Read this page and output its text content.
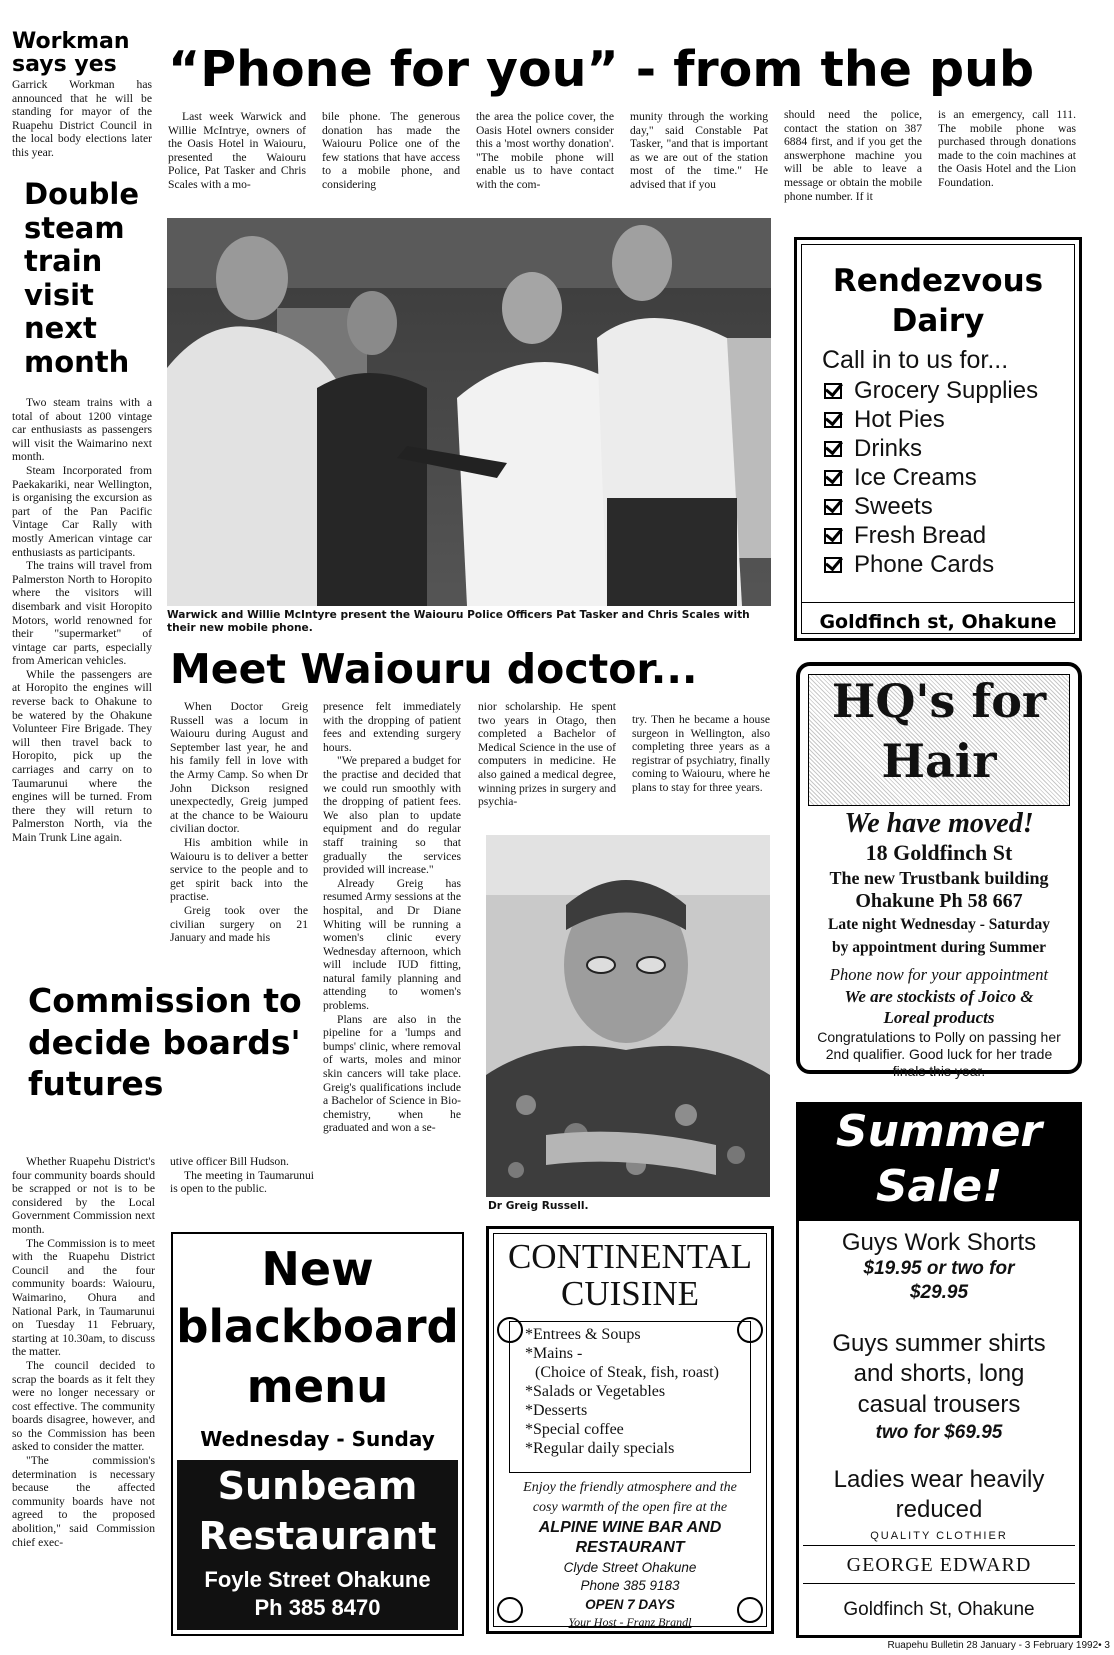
Workman says yes

Garrick Workman has announced that he will be standing for mayor of the Ruapehu District Council in the local body elections later this year.

Double steam train visit next month

Two steam trains with a total of about 1200 vintage car enthusiasts as passengers will visit the Waimarino next month.

Steam Incorporated from Paekakariki, near Wellington, is organising the excursion as part of the Pan Pacific Vintage Car Rally with mostly American vintage car enthusiasts as participants.

The trains will travel from Palmerston North to Horopito where the visitors will disembark and visit Horopito Motors, world renowned for their "supermarket" of vintage car parts, especially from American vehicles.

While the passengers are at Horopito the engines will reverse back to Ohakune to be watered by the Ohakune Volunteer Fire Brigade. They will then travel back to Horopito, pick up the carriages and carry on to Taumarunui where the engines will be turned. From there they will return to Palmerston North, via the Main Trunk Line again.

“Phone for you” - from the pub

Last week Warwick and Willie McIntrye, owners of the Oasis Hotel in Waiouru, presented the Waiouru Police, Pat Tasker and Chris Scales with a mo-

bile phone. The generous donation has made the Waiouru Police one of the few stations that have access to a mobile phone, and considering

the area the police cover, the Oasis Hotel owners consider this a 'most worthy donation'. "The mobile phone will enable us to have contact with the com-

munity through the working day," said Constable Pat Tasker, "and that is important as we are out of the station most of the time." He advised that if you

should need the police, contact the station on 387 6884 first, and if you get the answerphone machine you will be able to leave a message or obtain the mobile phone number. If it

is an emergency, call 111. The mobile phone was purchased through donations made to the coin machines at the Oasis Hotel and the Lion Foundation.

Warwick and Willie McIntyre present the Waiouru Police Officers Pat Tasker and Chris Scales with their new mobile phone.
Meet Waiouru doctor...

When Doctor Greig Russell was a locum in Waiouru during August and September last year, he and his family fell in love with the Army Camp. So when Dr John Dickson resigned unexpectedly, Greig jumped at the chance to be Waiouru civilian doctor.

His ambition while in Waiouru is to deliver a better service to the people and to get spirit back into the practise.

Greig took over the civilian surgery on 21 January and made his

presence felt immediately with the dropping of patient fees and extending surgery hours.

"We prepared a budget for the practise and decided that we could run smoothly with the dropping of patient fees. We also plan to update equipment and do regular staff training so that gradually the services provided will increase."

Already Greig has resumed Army sessions at the hospital, and Dr Diane Whiting will be running a women's clinic every Wednesday afternoon, which will include IUD fitting, natural family planning and attending to women's problems.

Plans are also in the pipeline for a 'lumps and bumps' clinic, where removal of warts, moles and minor skin cancers will take place. Greig's qualifications include a Bachelor of Science in Bio-chemistry, when he graduated and won a se-

nior scholarship. He spent two years in Otago, then completed a Bachelor of Medical Science in the use of computers in medicine. He also gained a medical degree, winning prizes in surgery and psychia-

try. Then he became a house surgeon in Wellington, also completing three years as a registrar of psychiatry, finally coming to Waiouru, where he plans to stay for three years.

Dr Greig Russell.
Commission to decide boards' futures

Whether Ruapehu District's four community boards should be scrapped or not is to be considered by the Local Government Commission next month.

The Commission is to meet with the Ruapehu District Council and the four community boards: Waiouru, Waimarino, Ohura and National Park, in Taumarunui on Tuesday 11 February, starting at 10.30am, to discuss the matter.

The council decided to scrap the boards as it felt they were no longer necessary or cost effective. The community boards disagree, however, and so the Commission has been asked to consider the matter.

"The commission's determination is necessary because the affected community boards have not agreed to the proposed abolition," said Commission chief exec-

utive officer Bill Hudson.

The meeting in Taumarunui is open to the public.

Rendezvous
Dairy
Call in to us for...
Grocery Supplies
Hot Pies
Drinks
Ice Creams
Sweets
Fresh Bread
Phone Cards
Goldfinch st, Ohakune
HQ's for
Hair
We have moved!
18 Goldfinch St
The new Trustbank building
Ohakune Ph 58 667
Late night Wednesday - Saturday
by appointment during Summer
Phone now for your appointment
We are stockists of Joico &
Loreal products
Congratulations to Polly on passing her 2nd qualifier. Good luck for her trade finals this year.
New
blackboard
menu
Wednesday - Sunday
Sunbeam
Restaurant
Foyle Street Ohakune
Ph 385 8470
CONTINENTAL
CUISINE
*Entrees & Soups
*Mains -
(Choice of Steak, fish, roast)
*Salads or Vegetables
*Desserts
*Special coffee
*Regular daily specials
Enjoy the friendly atmosphere and the
cosy warmth of the open fire at the
ALPINE WINE BAR AND
RESTAURANT
Clyde Street Ohakune
Phone 385 9183
OPEN 7 DAYS
Your Host - Franz Brandl
Summer
Sale!
Guys Work Shorts
$19.95 or two for
$29.95
Guys summer shirts
and shorts, long
casual trousers
two for $69.95
Ladies wear heavily
reduced
QUALITY CLOTHIER
GEORGE EDWARD
Goldfinch St, Ohakune
Ruapehu Bulletin 28 January - 3 February 1992• 3
